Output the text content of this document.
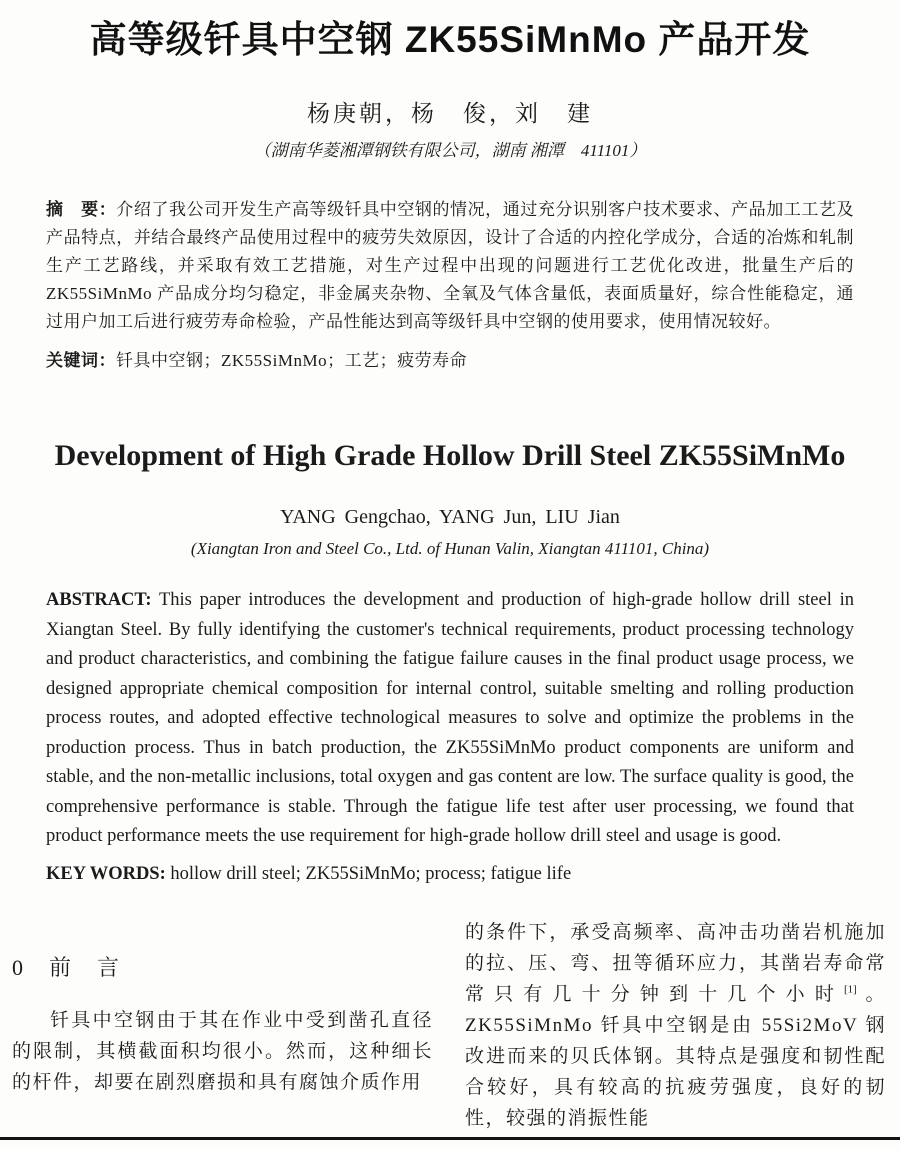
高等级钎具中空钢 ZK55SiMnMo 产品开发
杨庚朝，杨　俊，刘　建
（湖南华菱湘潭钢铁有限公司，湖南 湘潭　411101）

摘　要：介绍了我公司开发生产高等级钎具中空钢的情况，通过充分识别客户技术要求、产品加工工艺及产品特点，并结合最终产品使用过程中的疲劳失效原因，设计了合适的内控化学成分，合适的冶炼和轧制生产工艺路线，并采取有效工艺措施，对生产过程中出现的问题进行工艺优化改进，批量生产后的 ZK55SiMnMo 产品成分均匀稳定，非金属夹杂物、全氧及气体含量低，表面质量好，综合性能稳定，通过用户加工后进行疲劳寿命检验，产品性能达到高等级钎具中空钢的使用要求，使用情况较好。

关键词：钎具中空钢；ZK55SiMnMo；工艺；疲劳寿命

Development of High Grade Hollow Drill Steel ZK55SiMnMo
YANG Gengchao, YANG Jun, LIU Jian
(Xiangtan Iron and Steel Co., Ltd. of Hunan Valin, Xiangtan 411101, China)

ABSTRACT: This paper introduces the development and production of high-grade hollow drill steel in Xiangtan Steel. By fully identifying the customer's technical requirements, product processing technology and product characteristics, and combining the fatigue failure causes in the final product usage process, we designed appropriate chemical composition for internal control, suitable smelting and rolling production process routes, and adopted effective technological measures to solve and optimize the problems in the production process. Thus in batch production, the ZK55SiMnMo product components are uniform and stable, and the non-metallic inclusions, total oxygen and gas content are low. The surface quality is good, the comprehensive performance is stable. Through the fatigue life test after user processing, we found that product performance meets the use requirement for high-grade hollow drill steel and usage is good.

KEY WORDS: hollow drill steel; ZK55SiMnMo; process; fatigue life

0　前　言

钎具中空钢由于其在作业中受到凿孔直径的限制，其横截面积均很小。然而，这种细长的杆件，却要在剧烈磨损和具有腐蚀介质作用

的条件下，承受高频率、高冲击功凿岩机施加的拉、压、弯、扭等循环应力，其凿岩寿命常常只有几十分钟到十几个小时[1]。ZK55SiMnMo 钎具中空钢是由 55Si2MoV 钢改进而来的贝氏体钢。其特点是强度和韧性配合较好，具有较高的抗疲劳强度，良好的韧性，较强的消振性能
